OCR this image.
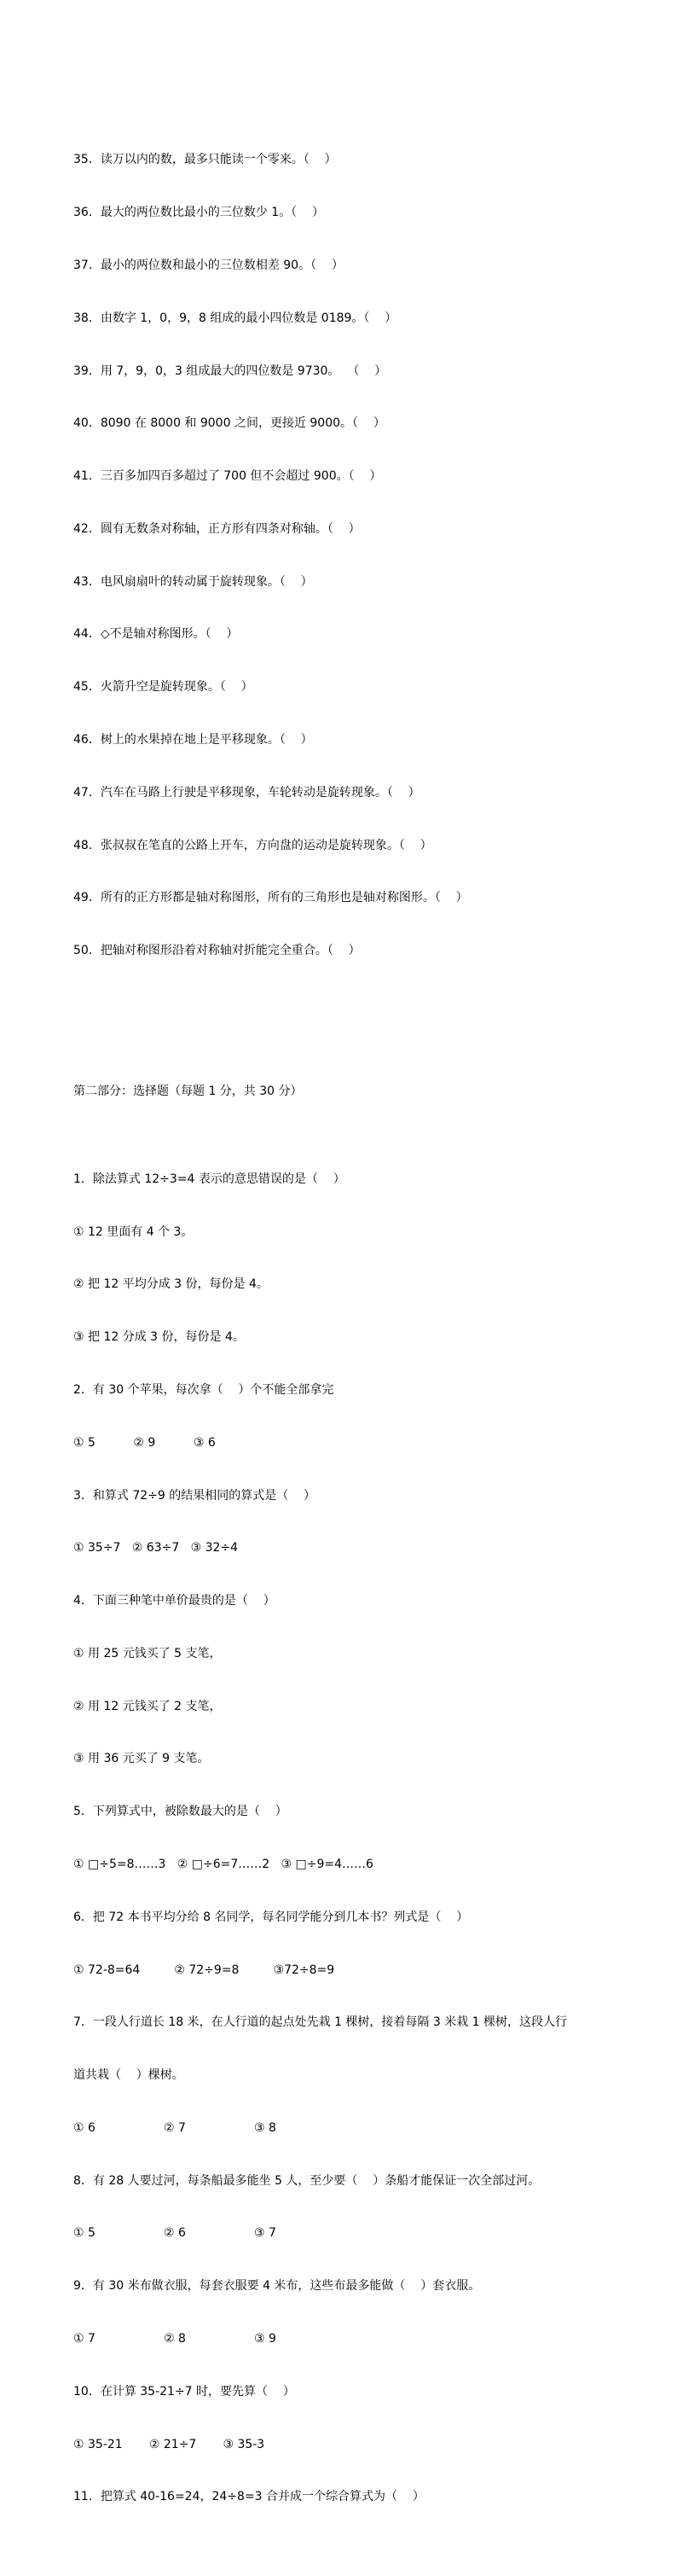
35．读万以内的数，最多只能读一个零来。（    ）

36．最大的两位数比最小的三位数少 1。（    ）

37．最小的两位数和最小的三位数相差 90。（    ）

38．由数字 1，0，9，8 组成的最小四位数是 0189。（    ）

39．用 7，9，0，3 组成最大的四位数是 9730。  （    ）

40．8090 在 8000 和 9000 之间，更接近 9000。（    ）

41．三百多加四百多超过了 700 但不会超过 900。（    ）

42．圆有无数条对称轴，正方形有四条对称轴。（    ）

43．电风扇扇叶的转动属于旋转现象。（    ）

44．◇不是轴对称图形。（    ）

45．火箭升空是旋转现象。（    ）

46．树上的水果掉在地上是平移现象。（    ）

47．汽车在马路上行驶是平移现象，车轮转动是旋转现象。（    ）

48．张叔叔在笔直的公路上开车，方向盘的运动是旋转现象。（    ）

49．所有的正方形都是轴对称图形，所有的三角形也是轴对称图形。（    ）

50．把轴对称图形沿着对称轴对折能完全重合。（    ）

第二部分：选择题（每题 1 分，共 30 分）

1．除法算式 12÷3=4 表示的意思错误的是（    ）

① 12 里面有 4 个 3。

② 把 12 平均分成 3 份，每份是 4。

③ 把 12 分成 3 份，每份是 4。

2．有 30 个苹果，每次拿（    ）个不能全部拿完

① 5          ② 9          ③ 6

3．和算式 72÷9 的结果相同的算式是（    ）

① 35÷7   ② 63÷7   ③ 32÷4

4．下面三种笔中单价最贵的是（    ）

① 用 25 元钱买了 5 支笔，

② 用 12 元钱买了 2 支笔，

③ 用 36 元买了 9 支笔。

5．下列算式中，被除数最大的是（    ）

① □÷5=8……3   ② □÷6=7……2   ③ □÷9=4……6

6．把 72 本书平均分给 8 名同学，每名同学能分到几本书？列式是（    ）

① 72-8=64         ② 72÷9=8         ③72÷8=9

7．一段人行道长 18 米，在人行道的起点处先栽 1 棵树，接着每隔 3 米栽 1 棵树，这段人行

道共栽（    ）棵树。

① 6                  ② 7                  ③ 8

8．有 28 人要过河，每条船最多能坐 5 人，至少要（    ）条船才能保证一次全部过河。

① 5                  ② 6                  ③ 7

9．有 30 米布做衣服，每套衣服要 4 米布，这些布最多能做（    ）套衣服。

① 7                  ② 8                  ③ 9

10．在计算 35-21÷7 时，要先算（    ）

① 35-21       ② 21÷7       ③ 35-3

11．把算式 40-16=24，24÷8=3 合并成一个综合算式为（    ）
